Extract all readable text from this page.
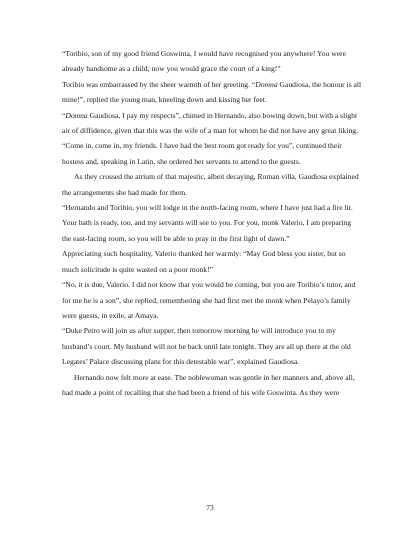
“Toribio, son of my good friend Goswinta, I would have recognised you anywhere! You were already handsome as a child; now you would grace the court of a king!”

Toribio was embarrassed by the sheer warmth of her greeting. “Domna Gaudiosa, the honour is all mine!”, replied the young man, kneeling down and kissing her feet.

“Domna Gaudiosa, I pay my respects”, chimed in Hernando, also bowing down, but with a slight air of diffidence, given that this was the wife of a man for whom he did not have any great liking.

“Come in, come in, my friends. I have had the best room got ready for you”, continued their hostess and, speaking in Latin, she ordered her servants to attend to the guests.

As they crossed the atrium of that majestic, albeit decaying, Roman villa, Gaudiosa explained the arrangements she had made for them.

“Hernando and Toribio, you will lodge in the north-facing room, where I have just had a fire lit. Your bath is ready, too, and my servants will see to you. For you, monk Valerio, I am preparing the east-facing room, so you will be able to pray in the first light of dawn.”

Appreciating such hospitality, Valerio thanked her warmly: “May God bless you sister, but so much solicitude is quite wasted on a poor monk!”

“No, it is due, Valerio. I did not know that you would be coming, but you are Toribio’s tutor, and for me he is a son”, she replied, remembering she had first met the monk when Pelayo’s family were guests, in exile, at Amaya.

“Duke Petro will join us after supper, then tomorrow morning he will introduce you to my husband’s court. My husband will not be back until late tonight. They are all up there at the old Legates’ Palace discussing plans for this detestable war”, explained Gaudiosa.

Hernando now felt more at ease. The noblewoman was gentle in her manners and, above all, had made a point of recalling that she had been a friend of his wife Goswinta. As they were

73
